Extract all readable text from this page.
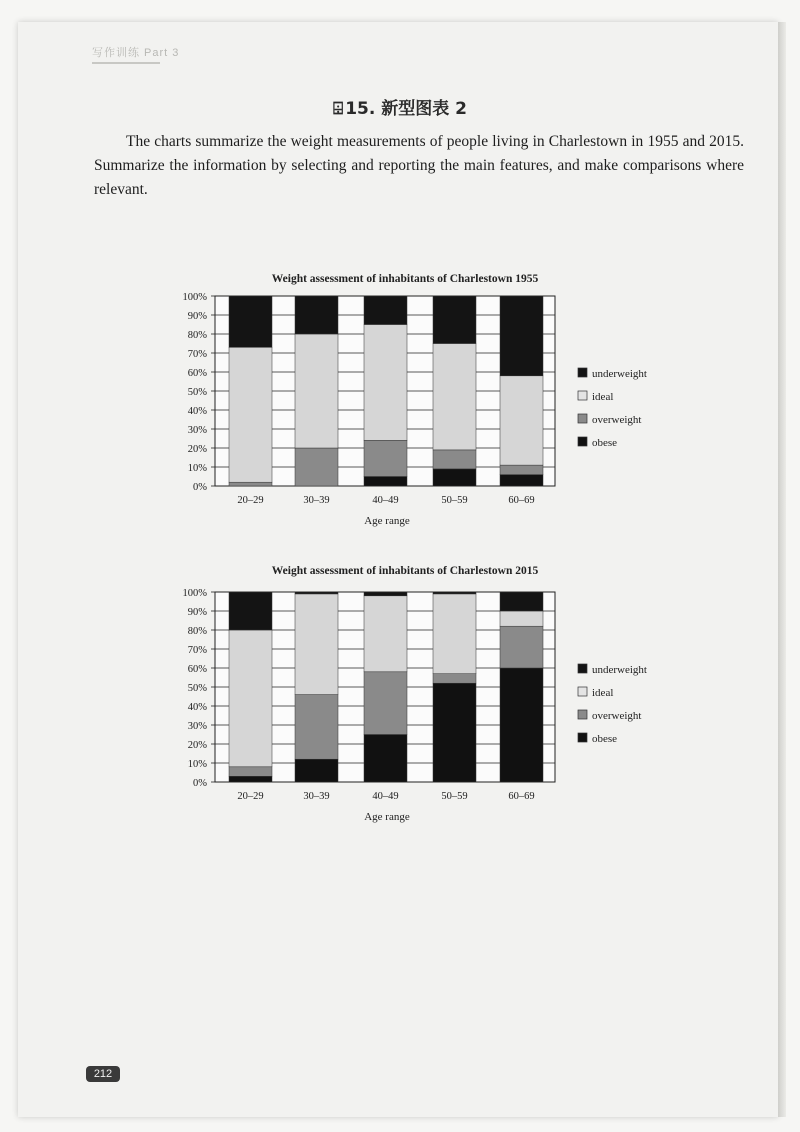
写作训练 Part 3
⌹ 15. 新型图表 2
The charts summarize the weight measurements of people living in Charlestown in 1955 and 2015. Summarize the information by selecting and reporting the main features, and make comparisons where relevant.
Weight assessment of inhabitants of Charlestown 1955
0%
10%
20%
30%
40%
50%
60%
70%
80%
90%
100%
20–29	30–39	40–49	50–59	60–69
Age range
underweight
ideal
overweight
obese
Weight assessment of inhabitants of Charlestown 2015
0%
10%
20%
30%
40%
50%
60%
70%
80%
90%
100%
20–29	30–39	40–49	50–59	60–69
Age range
underweight
ideal
overweight
obese
212
